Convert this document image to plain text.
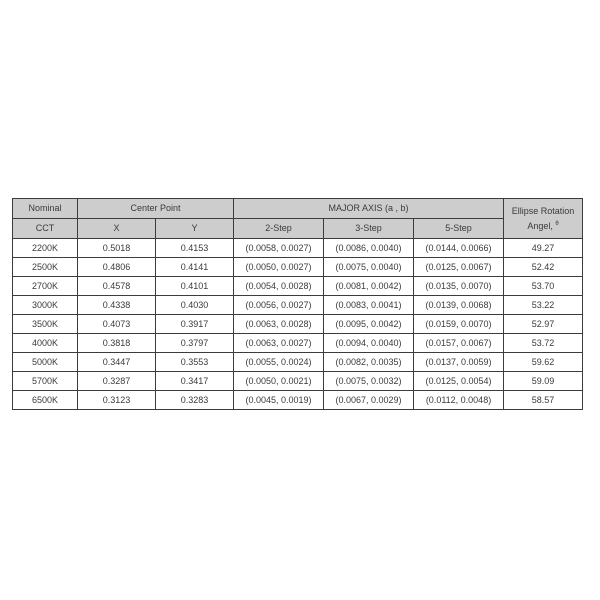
Nominal	Center Point		MAJOR AXIS (a , b)			Ellipse Rotation
Angel, $^\theta$
CCT	X	Y	2-Step	3-Step	5-Step	
2200K	0.5018	0.4153	(0.0058, 0.0027)	(0.0086, 0.0040)	(0.0144, 0.0066)	49.27
2500K	0.4806	0.4141	(0.0050, 0.0027)	(0.0075, 0.0040)	(0.0125, 0.0067)	52.42
2700K	0.4578	0.4101	(0.0054, 0.0028)	(0.0081, 0.0042)	(0.0135, 0.0070)	53.70
3000K	0.4338	0.4030	(0.0056, 0.0027)	(0.0083, 0.0041)	(0.0139, 0.0068)	53.22
3500K	0.4073	0.3917	(0.0063, 0.0028)	(0.0095, 0.0042)	(0.0159, 0.0070)	52.97
4000K	0.3818	0.3797	(0.0063, 0.0027)	(0.0094, 0.0040)	(0.0157, 0.0067)	53.72
5000K	0.3447	0.3553	(0.0055, 0.0024)	(0.0082, 0.0035)	(0.0137, 0.0059)	59.62
5700K	0.3287	0.3417	(0.0050, 0.0021)	(0.0075, 0.0032)	(0.0125, 0.0054)	59.09
6500K	0.3123	0.3283	(0.0045, 0.0019)	(0.0067, 0.0029)	(0.0112, 0.0048)	58.57
